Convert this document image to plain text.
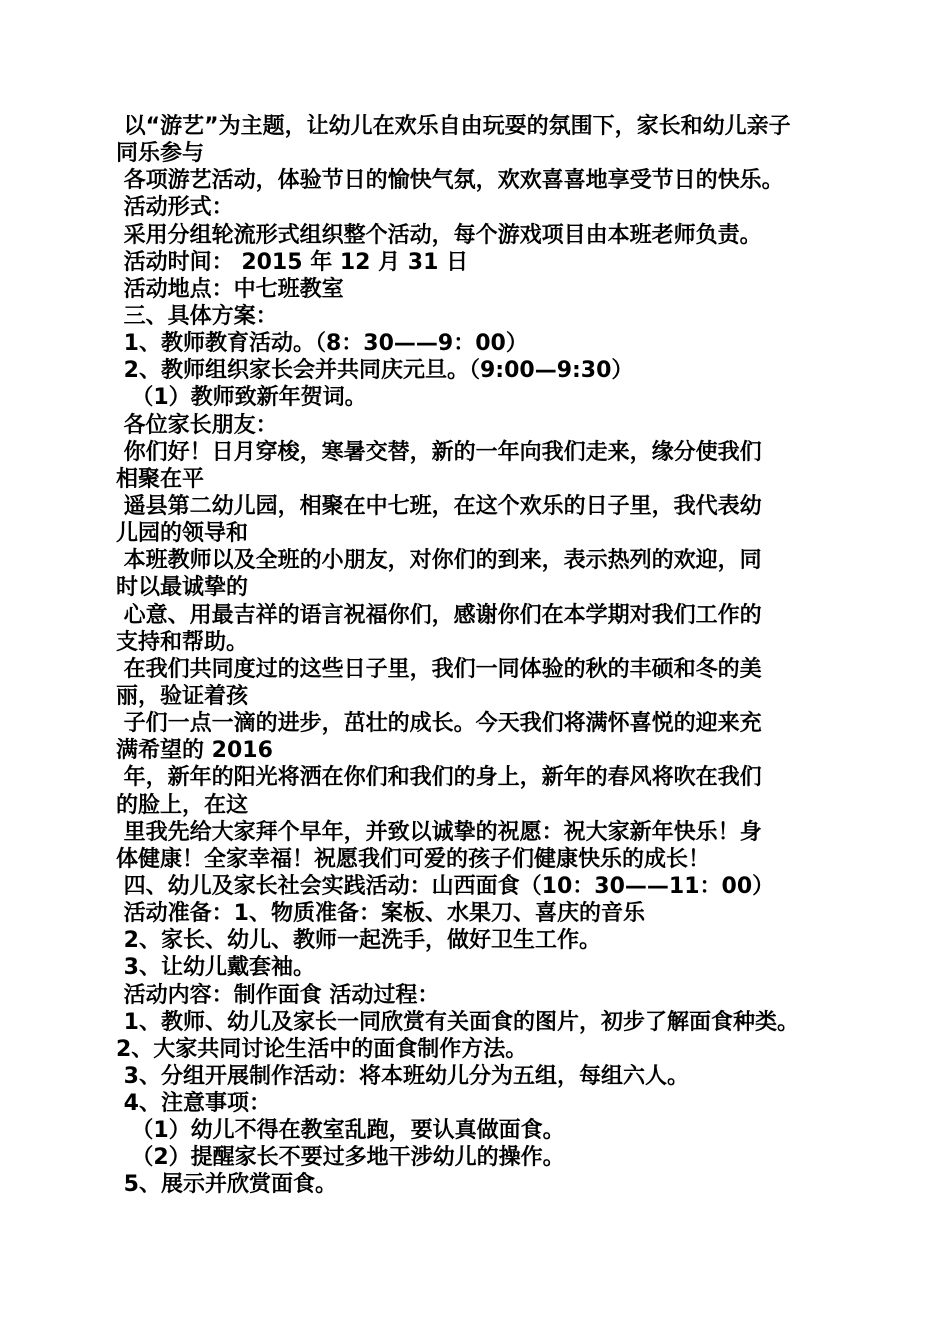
以“游艺”为主题，让幼儿在欢乐自由玩耍的氛围下，家长和幼儿亲子
同乐参与
各项游艺活动，体验节日的愉快气氛，欢欢喜喜地享受节日的快乐。
活动形式：
采用分组轮流形式组织整个活动，每个游戏项目由本班老师负责。
活动时间： 2015 年 12 月 31 日
活动地点：中七班教室
三、具体方案：
1、教师教育活动。（8：30——9：00）
2、教师组织家长会并共同庆元旦。（9:00—9:30）
（1）教师致新年贺词。
各位家长朋友：
你们好！日月穿梭，寒暑交替，新的一年向我们走来，缘分使我们
相聚在平
遥县第二幼儿园，相聚在中七班，在这个欢乐的日子里，我代表幼
儿园的领导和
本班教师以及全班的小朋友，对你们的到来，表示热列的欢迎，同
时以最诚挚的
心意、用最吉祥的语言祝福你们，感谢你们在本学期对我们工作的
支持和帮助。
在我们共同度过的这些日子里，我们一同体验的秋的丰硕和冬的美
丽，验证着孩
子们一点一滴的进步，茁壮的成长。今天我们将满怀喜悦的迎来充
满希望的 2016
年，新年的阳光将洒在你们和我们的身上，新年的春风将吹在我们
的脸上，在这
里我先给大家拜个早年，并致以诚挚的祝愿：祝大家新年快乐！身
体健康！全家幸福！祝愿我们可爱的孩子们健康快乐的成长！
四、幼儿及家长社会实践活动：山西面食（10：30——11：00）
活动准备：1、物质准备：案板、水果刀、喜庆的音乐
2、家长、幼儿、教师一起洗手，做好卫生工作。
3、让幼儿戴套袖。
活动内容：制作面食 活动过程：
1、教师、幼儿及家长一同欣赏有关面食的图片，初步了解面食种类。
2、大家共同讨论生活中的面食制作方法。
3、分组开展制作活动：将本班幼儿分为五组，每组六人。
4、注意事项：
（1）幼儿不得在教室乱跑，要认真做面食。
（2）提醒家长不要过多地干涉幼儿的操作。
5、展示并欣赏面食。
